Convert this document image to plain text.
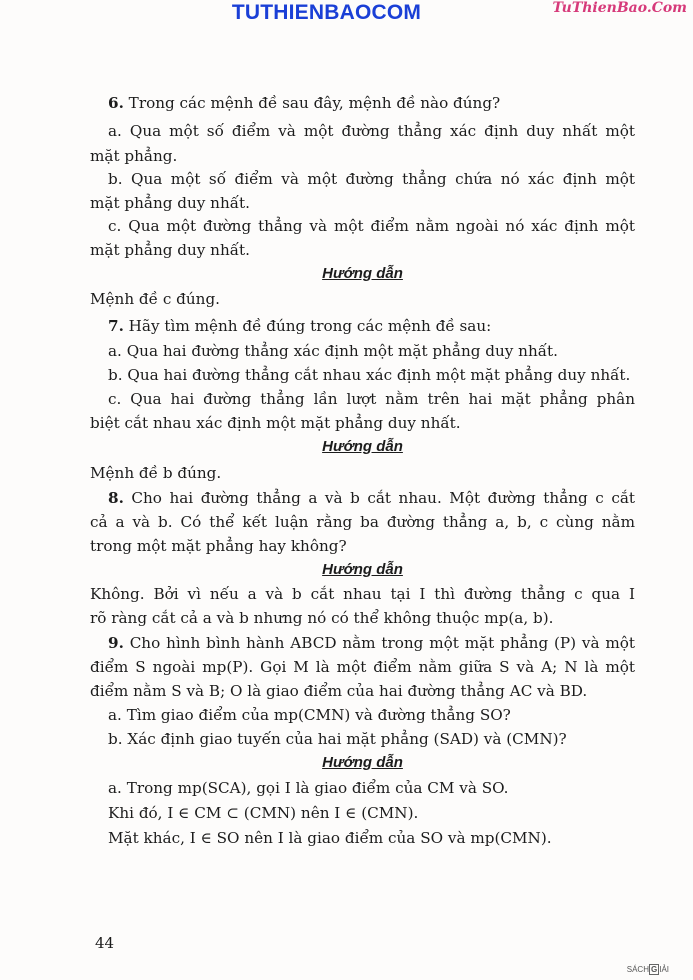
TUTHIENBAOCOM	TuThienBao.Com
6. Trong các mệnh đề sau đây, mệnh đề nào đúng?
a. Qua một số điểm và một đường thẳng xác định duy nhất một
mặt phẳng.
b. Qua một số điểm và một đường thẳng chứa nó xác định một
mặt phẳng duy nhất.
c. Qua một đường thẳng và một điểm nằm ngoài nó xác định một
mặt phẳng duy nhất.
Hướng dẫn
Mệnh đề c đúng.
7. Hãy tìm mệnh đề đúng trong các mệnh đề sau:
a. Qua hai đường thẳng xác định một mặt phẳng duy nhất.
b. Qua hai đường thẳng cắt nhau xác định một mặt phẳng duy nhất.
c. Qua hai đường thẳng lần lượt nằm trên hai mặt phẳng phân
biệt cắt nhau xác định một mặt phẳng duy nhất.
Hướng dẫn
Mệnh đề b đúng.
8. Cho hai đường thẳng a và b cắt nhau. Một đường thẳng c cắt
cả a và b. Có thể kết luận rằng ba đường thẳng a, b, c cùng nằm
trong một mặt phẳng hay không?
Hướng dẫn
Không. Bởi vì nếu a và b cắt nhau tại I thì đường thẳng c qua I
rõ ràng cắt cả a và b nhưng nó có thể không thuộc mp(a, b).
9. Cho hình bình hành ABCD nằm trong một mặt phẳng (P) và một
điểm S ngoài mp(P). Gọi M là một điểm nằm giữa S và A; N là một
điểm nằm S và B; O là giao điểm của hai đường thẳng AC và BD.
a. Tìm giao điểm của mp(CMN) và đường thẳng SO?
b. Xác định giao tuyến của hai mặt phẳng (SAD) và (CMN)?
Hướng dẫn
a. Trong mp(SCA), gọi I là giao điểm của CM và SO.
Khi đó, I ∈ CM ⊂ (CMN) nên I ∈ (CMN).
Mặt khác, I ∈ SO nên I là giao điểm của SO và mp(CMN).
44
SÁCH G IẢI
